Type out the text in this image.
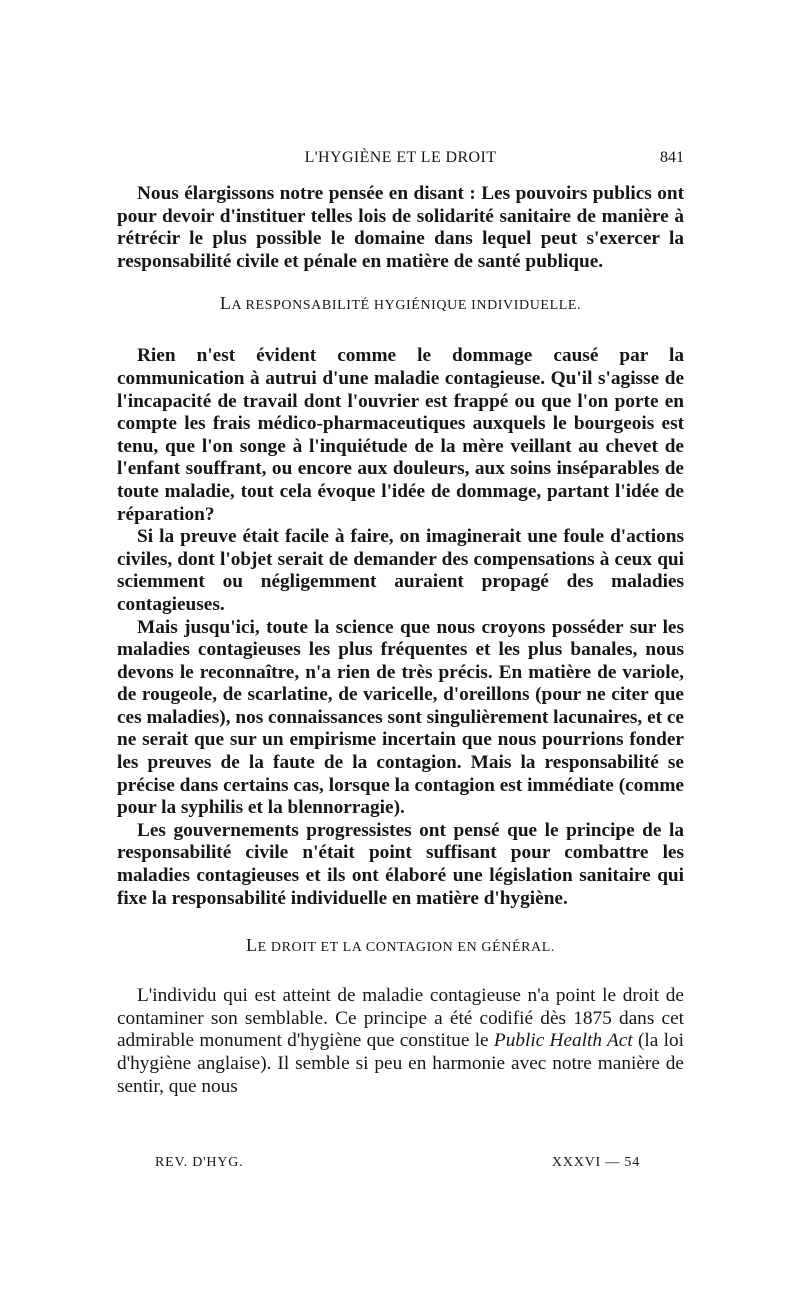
L'HYGIÈNE ET LE DROIT	841

Nous élargissons notre pensée en disant : Les pouvoirs publics ont pour devoir d'instituer telles lois de solidarité sanitaire de manière à rétrécir le plus possible le domaine dans lequel peut s'exercer la responsabilité civile et pénale en matière de santé publique.

LA RESPONSABILITÉ HYGIÉNIQUE INDIVIDUELLE.

Rien n'est évident comme le dommage causé par la communication à autrui d'une maladie contagieuse. Qu'il s'agisse de l'incapacité de travail dont l'ouvrier est frappé ou que l'on porte en compte les frais médico-pharmaceutiques auxquels le bourgeois est tenu, que l'on songe à l'inquiétude de la mère veillant au chevet de l'enfant souffrant, ou encore aux douleurs, aux soins inséparables de toute maladie, tout cela évoque l'idée de dommage, partant l'idée de réparation?

Si la preuve était facile à faire, on imaginerait une foule d'actions civiles, dont l'objet serait de demander des compensations à ceux qui sciemment ou négligemment auraient propagé des maladies contagieuses.

Mais jusqu'ici, toute la science que nous croyons posséder sur les maladies contagieuses les plus fréquentes et les plus banales, nous devons le reconnaître, n'a rien de très précis. En matière de variole, de rougeole, de scarlatine, de varicelle, d'oreillons (pour ne citer que ces maladies), nos connaissances sont singulièrement lacunaires, et ce ne serait que sur un empirisme incertain que nous pourrions fonder les preuves de la faute de la contagion. Mais la responsabilité se précise dans certains cas, lorsque la contagion est immédiate (comme pour la syphilis et la blennorragie).

Les gouvernements progressistes ont pensé que le principe de la responsabilité civile n'était point suffisant pour combattre les maladies contagieuses et ils ont élaboré une législation sanitaire qui fixe la responsabilité individuelle en matière d'hygiène.

LE DROIT ET LA CONTAGION EN GÉNÉRAL.

L'individu qui est atteint de maladie contagieuse n'a point le droit de contaminer son semblable. Ce principe a été codifié dès 1875 dans cet admirable monument d'hygiène que constitue le Public Health Act (la loi d'hygiène anglaise). Il semble si peu en harmonie avec notre manière de sentir, que nous

REV. D'HYG.	XXXVI — 54
